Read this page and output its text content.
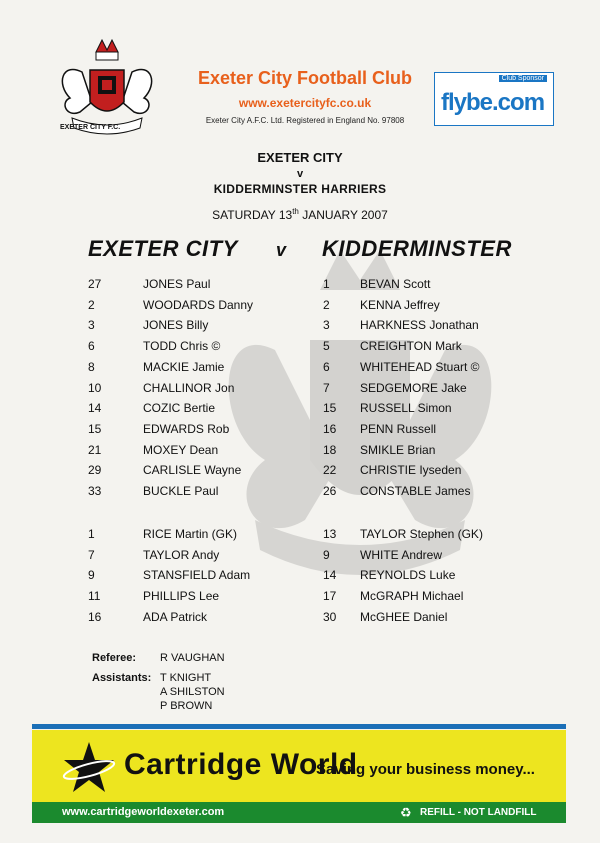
EXETER CITY F.C.
Exeter City Football Club
www.exetercityfc.co.uk
Exeter City A.F.C. Ltd. Registered in England No. 97808
Club Sponsor
flybe.com
EXETER CITY
v
KIDDERMINSTER HARRIERS
SATURDAY 13th JANUARY 2007
EXETER CITY v KIDDERMINSTER
27	JONES Paul
2	WOODARDS Danny
3	JONES Billy
6	TODD Chris ©
8	MACKIE Jamie
10	CHALLINOR Jon
14	COZIC Bertie
15	EDWARDS Rob
21	MOXEY Dean
29	CARLISLE Wayne
33	BUCKLE Paul
1	BEVAN Scott
2	KENNA Jeffrey
3	HARKNESS Jonathan
5	CREIGHTON Mark
6	WHITEHEAD Stuart ©
7	SEDGEMORE Jake
15 RUSSELL Simon
16 PENN Russell
18 SMIKLE Brian
22 CHRISTIE Iyseden
26 CONSTABLE James
1	RICE Martin (GK)
7	TAYLOR Andy
9	STANSFIELD Adam
11	PHILLIPS Lee
16	ADA Patrick
13 TAYLOR Stephen (GK)
9	WHITE Andrew
14 REYNOLDS Luke
17 McGRAPH Michael
30 McGHEE Daniel
Referee: R VAUGHAN
Assistants: T KNIGHT
A SHILSTON
P BROWN
Cartridge World
Saving your business money...
www.cartridgeworldexeter.com	♻ REFILL - NOT LANDFILL
